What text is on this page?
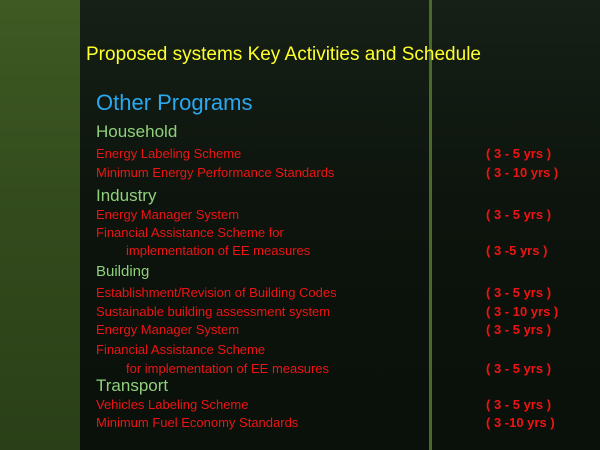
Proposed systems Key Activities and Schedule
Other Programs
Household
Energy Labeling Scheme	( 3 - 5 yrs )
Minimum Energy Performance Standards	( 3 - 10 yrs )
Industry
Energy Manager System	( 3 - 5 yrs )
Financial Assistance Scheme for
implementation of EE measures	( 3 -5 yrs )
Building
Establishment/Revision of Building Codes	( 3 - 5 yrs )
Sustainable building assessment system	( 3 - 10 yrs )
Energy Manager System	( 3 - 5 yrs )
Financial Assistance Scheme
for implementation of EE measures	( 3 - 5 yrs )
Transport
Vehicles Labeling Scheme	( 3 - 5 yrs )
Minimum Fuel Economy Standards	( 3 -10 yrs )
